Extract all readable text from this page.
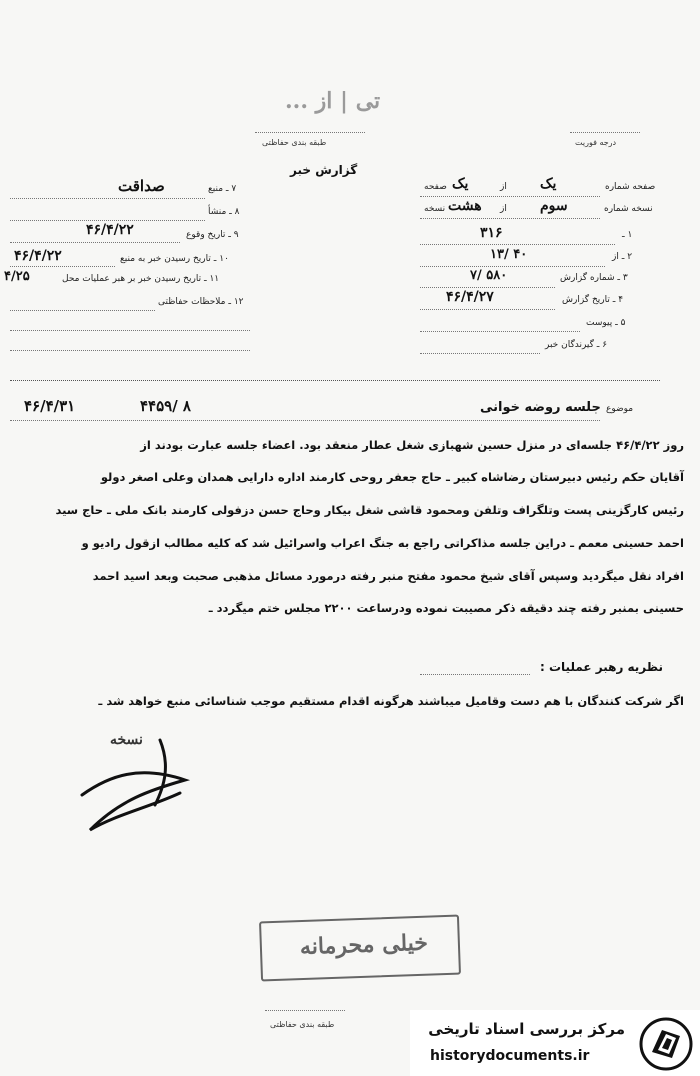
تی | از ...
طبقه بندی حفاظتی	درجه فوریت
گزارش خبر
صفحه شماره
یک
از
یک
صفحه
نسخه شماره
سوم
از
هشت
نسخه
۱ ـ
۳۱۶
۲ ـ از
۱۳/ ۴۰
۳ ـ شماره گزارش
۷/ ۵۸۰
۴ ـ تاریخ گزارش
۴۶/۴/۲۷
۵ ـ پیوست
۶ ـ گیرندگان خبر
۷ ـ منبع
صداقت
۸ ـ منشأ
۹ ـ تاریخ وقوع
۴۶/۴/۲۲
۱۰ ـ تاریخ رسیدن خبر به منبع
۴۶/۴/۲۲
۱۱ ـ تاریخ رسیدن خبر بر هبر عملیات محل
۴/۲۵
۱۲ ـ ملاحظات حفاظتی
موضوع
جلسه روضه خوانی
۴۴۵۹/ ۸
۴۶/۴/۳۱
روز ۴۶/۴/۲۲ جلسه‌ای در منزل حسین شهبازی شغل عطار منعقد بود. اعضاء جلسه عبارت بودند از
آقایان حکم رئیس دبیرستان رضاشاه کبیر ـ حاج جعفر روحی کارمند اداره دارایی همدان وعلی اصغر دولو
رئیس کارگزینی پست وتلگراف وتلفن ومحمود قاشی شغل بیکار وحاج حسن دزفولی کارمند بانک ملی ـ حاج سید
احمد حسینی معمم ـ دراین جلسه مذاکراتی راجع به جنگ اعراب واسرائیل شد که کلیه مطالب ازقول رادیو و
افراد نقل میگردید وسپس آقای شیخ محمود مفتح منبر رفته درمورد مسائل مذهبی صحبت وبعد اسید احمد
حسینی بمنبر رفته چند دقیقه ذکر مصیبت نموده ودرساعت ۲۲۰۰ مجلس ختم میگردد ـ
نظریه رهبر عملیات :
اگر شرکت کنندگان با هم دست وقامیل میباشند هرگونه اقدام مستقیم موجب شناسائی منبع خواهد شد ـ
نسخه
خیلی محرمانه
طبقه بندی حفاظتی	مرکز بررسی اسناد تاریخی
historydocuments.ir
